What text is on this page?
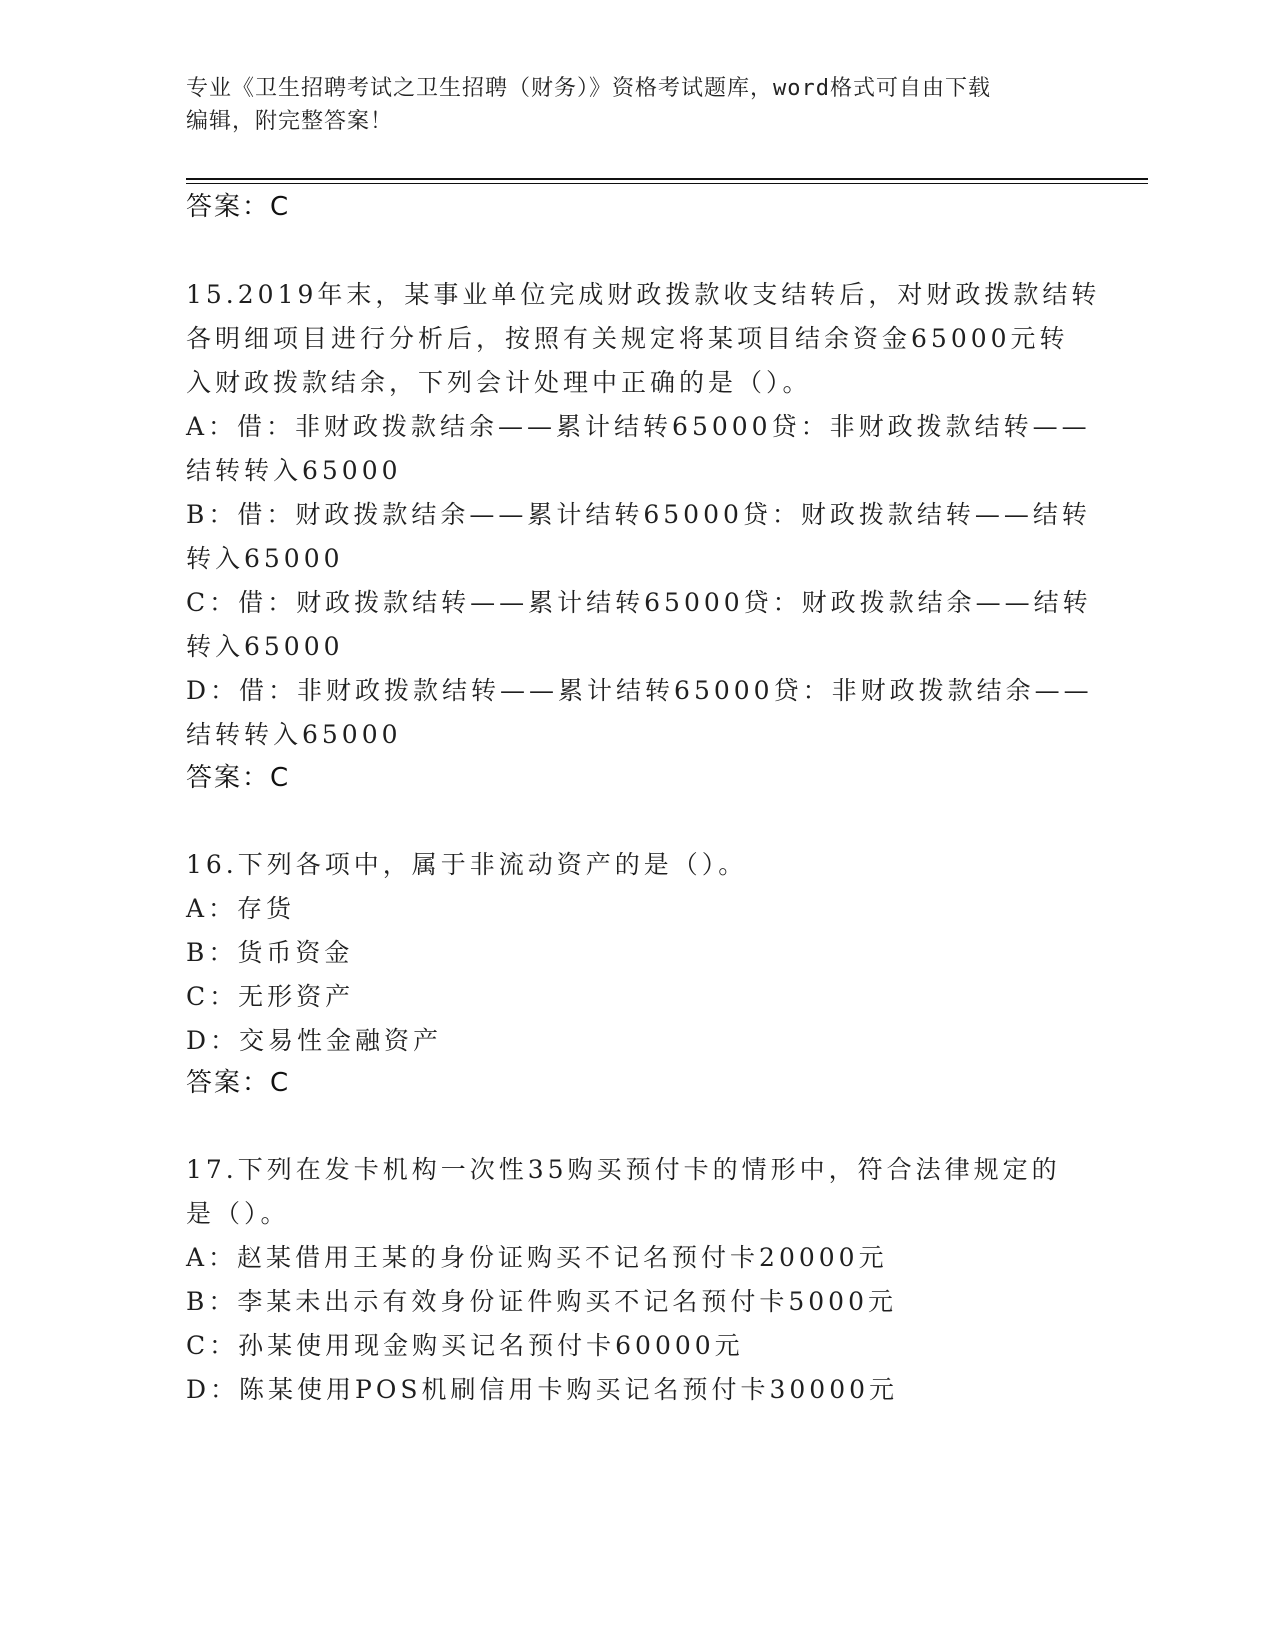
专业《卫生招聘考试之卫生招聘（财务）》资格考试题库，word格式可自由下载
编辑，附完整答案！
答案：C
15.2019年末，某事业单位完成财政拨款收支结转后，对财政拨款结转
各明细项目进行分析后，按照有关规定将某项目结余资金65000元转
入财政拨款结余，下列会计处理中正确的是（）。
A：借：非财政拨款结余——累计结转65000贷：非财政拨款结转——
结转转入65000
B：借：财政拨款结余——累计结转65000贷：财政拨款结转——结转
转入65000
C：借：财政拨款结转——累计结转65000贷：财政拨款结余——结转
转入65000
D：借：非财政拨款结转——累计结转65000贷：非财政拨款结余——
结转转入65000
答案：C
16.下列各项中，属于非流动资产的是（）。
A：存货
B：货币资金
C：无形资产
D：交易性金融资产
答案：C
17.下列在发卡机构一次性35购买预付卡的情形中，符合法律规定的
是（）。
A：赵某借用王某的身份证购买不记名预付卡20000元
B：李某未出示有效身份证件购买不记名预付卡5000元
C：孙某使用现金购买记名预付卡60000元
D：陈某使用POS机刷信用卡购买记名预付卡30000元
